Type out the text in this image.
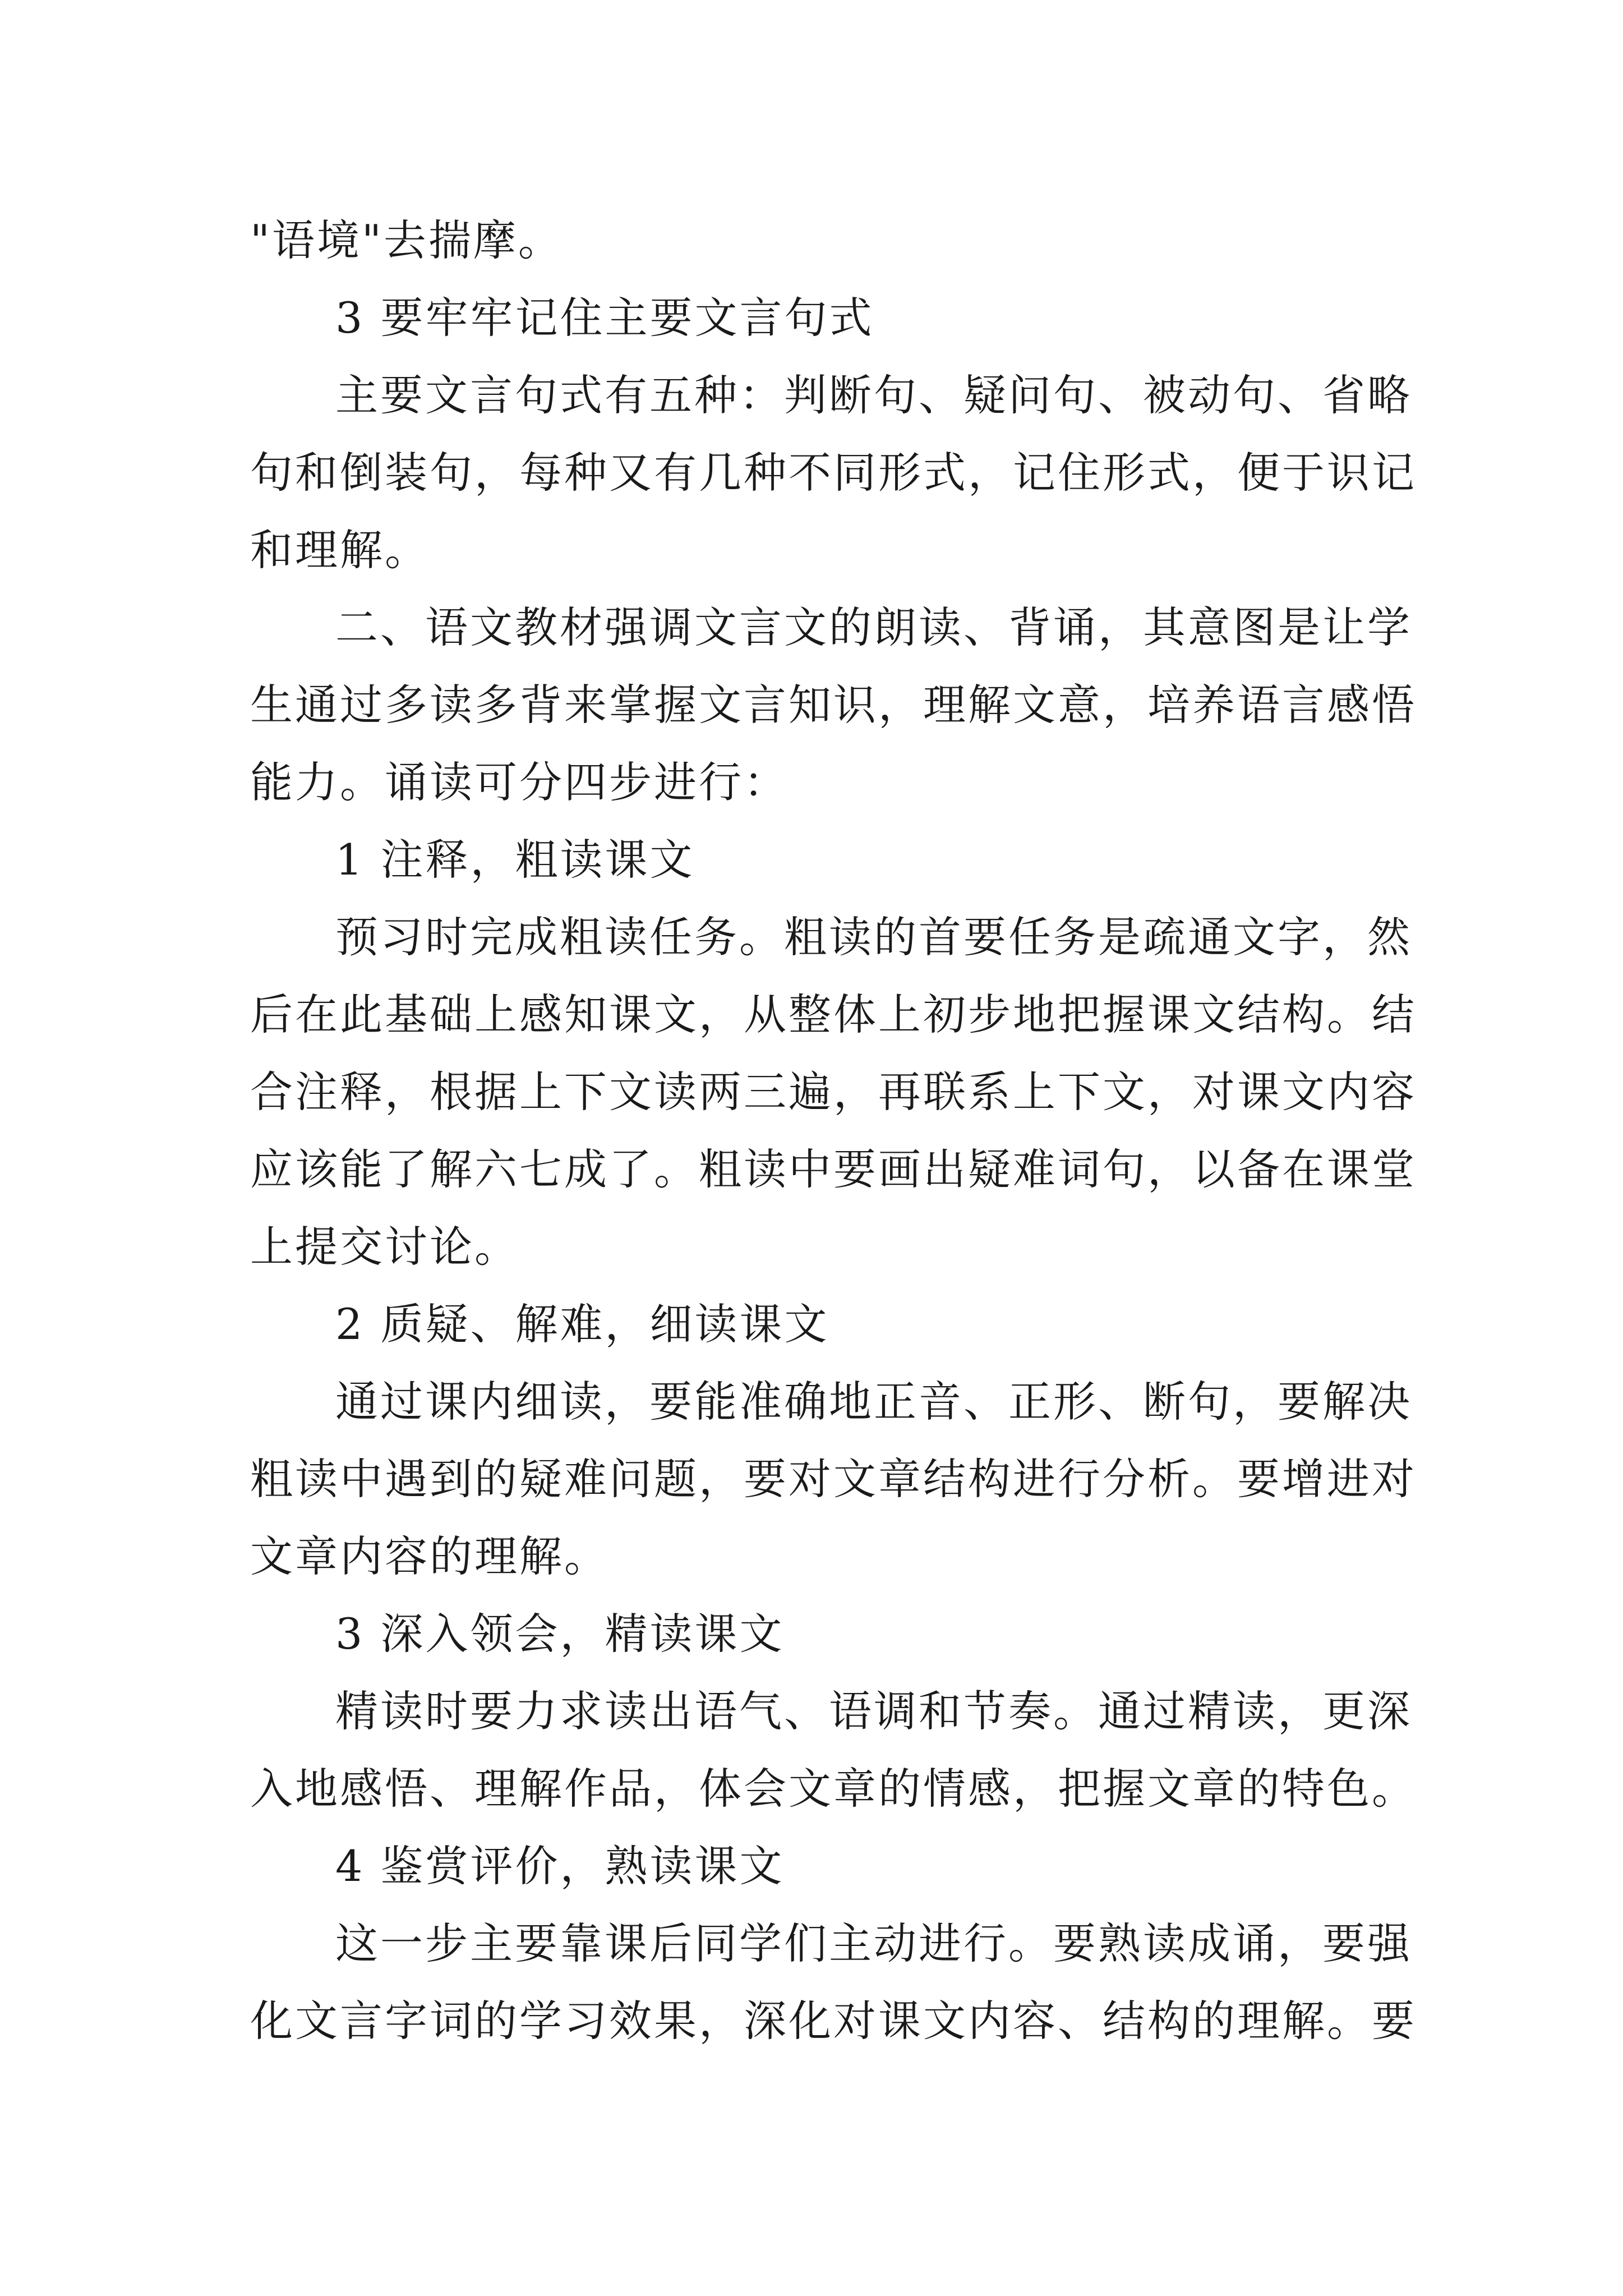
"语境"去揣摩。
3 要牢牢记住主要文言句式
主要文言句式有五种：判断句、疑问句、被动句、省略
句和倒装句，每种又有几种不同形式，记住形式，便于识记
和理解。
二、语文教材强调文言文的朗读、背诵，其意图是让学
生通过多读多背来掌握文言知识，理解文意，培养语言感悟
能力。诵读可分四步进行：
1 注释，粗读课文
预习时完成粗读任务。粗读的首要任务是疏通文字，然
后在此基础上感知课文，从整体上初步地把握课文结构。结
合注释，根据上下文读两三遍，再联系上下文，对课文内容
应该能了解六七成了。粗读中要画出疑难词句，以备在课堂
上提交讨论。
2 质疑、解难，细读课文
通过课内细读，要能准确地正音、正形、断句，要解决
粗读中遇到的疑难问题，要对文章结构进行分析。要增进对
文章内容的理解。
3 深入领会，精读课文
精读时要力求读出语气、语调和节奏。通过精读，更深
入地感悟、理解作品，体会文章的情感，把握文章的特色。
4 鉴赏评价，熟读课文
这一步主要靠课后同学们主动进行。要熟读成诵，要强
化文言字词的学习效果，深化对课文内容、结构的理解。要
